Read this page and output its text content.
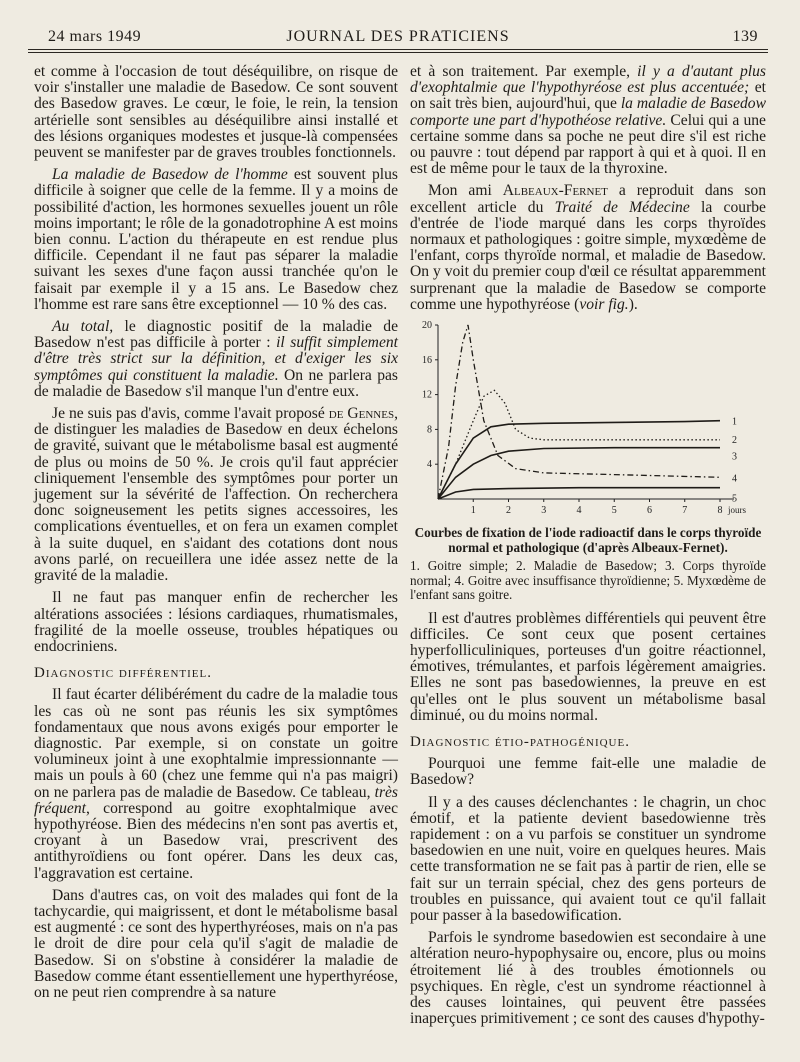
24 mars 1949	JOURNAL DES PRATICIENS	139

et comme à l'occasion de tout déséquilibre, on risque de voir s'installer une maladie de Basedow. Ce sont souvent des Basedow graves. Le cœur, le foie, le rein, la tension artérielle sont sensibles au déséquilibre ainsi installé et des lésions organiques modestes et jusque-là compensées peuvent se manifester par de graves troubles fonctionnels.

La maladie de Basedow de l'homme est souvent plus difficile à soigner que celle de la femme. Il y a moins de possibilité d'action, les hormones sexuelles jouent un rôle moins important; le rôle de la gonadotrophine A est moins bien connu. L'action du thérapeute en est rendue plus difficile. Cependant il ne faut pas séparer la maladie suivant les sexes d'une façon aussi tranchée qu'on le faisait par exemple il y a 15 ans. Le Basedow chez l'homme est rare sans être exceptionnel — 10 % des cas.

Au total, le diagnostic positif de la maladie de Basedow n'est pas difficile à porter : il suffit simplement d'être très strict sur la définition, et d'exiger les six symptômes qui constituent la maladie. On ne parlera pas de maladie de Basedow s'il manque l'un d'entre eux.

Je ne suis pas d'avis, comme l'avait proposé de Gennes, de distinguer les maladies de Basedow en deux échelons de gravité, suivant que le métabolisme basal est augmenté de plus ou moins de 50 %. Je crois qu'il faut apprécier cliniquement l'ensemble des symptômes pour porter un jugement sur la sévérité de l'affection. On recherchera donc soigneusement les petits signes accessoires, les complications éventuelles, et on fera un examen complet à la suite duquel, en s'aidant des cotations dont nous avons parlé, on recueillera une idée assez nette de la gravité de la maladie.

Il ne faut pas manquer enfin de rechercher les altérations associées : lésions cardiaques, rhumatismales, fragilité de la moelle osseuse, troubles hépatiques ou endocriniens.

Diagnostic différentiel.

Il faut écarter délibérément du cadre de la maladie tous les cas où ne sont pas réunis les six symptômes fondamentaux que nous avons exigés pour emporter le diagnostic. Par exemple, si on constate un goitre volumineux joint à une exophtalmie impressionnante — mais un pouls à 60 (chez une femme qui n'a pas maigri) on ne parlera pas de maladie de Basedow. Ce tableau, très fréquent, correspond au goitre exophtalmique avec hypothyréose. Bien des médecins n'en sont pas avertis et, croyant à un Basedow vrai, prescrivent des antithyroïdiens ou font opérer. Dans les deux cas, l'aggravation est certaine.

Dans d'autres cas, on voit des malades qui font de la tachycardie, qui maigrissent, et dont le métabolisme basal est augmenté : ce sont des hyperthyréoses, mais on n'a pas le droit de dire pour cela qu'il s'agit de maladie de Basedow. Si on s'obstine à considérer la maladie de Basedow comme étant essentiellement une hyperthyréose, on ne peut rien comprendre à sa nature

et à son traitement. Par exemple, il y a d'autant plus d'exophtalmie que l'hypothyréose est plus accentuée; et on sait très bien, aujourd'hui, que la maladie de Basedow comporte une part d'hypothéose relative. Celui qui a une certaine somme dans sa poche ne peut dire s'il est riche ou pauvre : tout dépend par rapport à qui et à quoi. Il en est de même pour le taux de la thyroxine.

Mon ami Albeaux-Fernet a reproduit dans son excellent article du Traité de Médecine la courbe d'entrée de l'iode marqué dans les corps thyroïdes normaux et pathologiques : goitre simple, myxœdème de l'enfant, corps thyroïde normal, et maladie de Basedow. On y voit du premier coup d'œil ce résultat apparemment surprenant que la maladie de Basedow se comporte comme une hypothyréose (voir fig.).

4
8
12
16
20
1	2	3	4	5	6	7	8 jours
1
2
3
4
5
Courbes de fixation de l'iode radioactif dans le corps thyroïde
normal et pathologique (d'après Albeaux-Fernet).
1. Goitre simple; 2. Maladie de Basedow; 3. Corps thyroïde normal; 4. Goitre avec insuffisance thyroïdienne; 5. Myxœdème de l'enfant sans goitre.

Il est d'autres problèmes différentiels qui peuvent être difficiles. Ce sont ceux que posent certaines hyperfolliculiniques, porteuses d'un goitre réactionnel, émotives, trémulantes, et parfois légèrement amaigries. Elles ne sont pas basedowiennes, la preuve en est qu'elles ont le plus souvent un métabolisme basal diminué, ou du moins normal.

Diagnostic étio-pathogénique.

Pourquoi une femme fait-elle une maladie de Basedow?

Il y a des causes déclenchantes : le chagrin, un choc émotif, et la patiente devient basedowienne très rapidement : on a vu parfois se constituer un syndrome basedowien en une nuit, voire en quelques heures. Mais cette transformation ne se fait pas à partir de rien, elle se fait sur un terrain spécial, chez des gens porteurs de troubles en puissance, qui avaient tout ce qu'il fallait pour passer à la basedowification.

Parfois le syndrome basedowien est secondaire à une altération neuro-hypophysaire ou, encore, plus ou moins étroitement lié à des troubles émotionnels ou psychiques. En règle, c'est un syndrome réactionnel à des causes lointaines, qui peuvent être passées inaperçues primitivement ; ce sont des causes d'hypothy-
